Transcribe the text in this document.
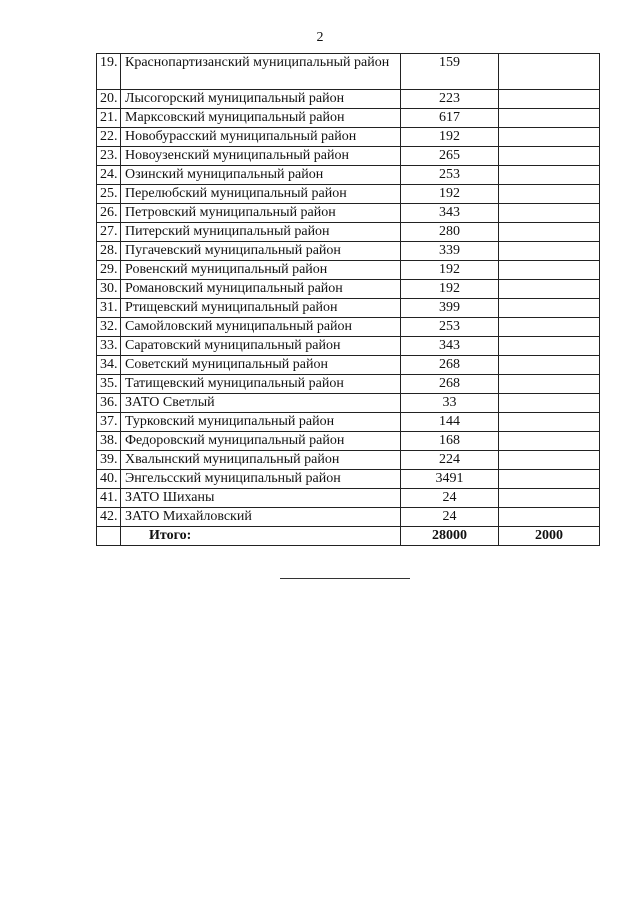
2
19.	Краснопартизанский муниципальный район	159	
20.	Лысогорский муниципальный район	223	
21.	Марксовский муниципальный район	617	
22.	Новобурасский муниципальный район	192	
23.	Новоузенский муниципальный район	265	
24.	Озинский муниципальный район	253	
25.	Перелюбский муниципальный район	192	
26.	Петровский муниципальный район	343	
27.	Питерский муниципальный район	280	
28.	Пугачевский муниципальный район	339	
29.	Ровенский муниципальный район	192	
30.	Романовский муниципальный район	192	
31.	Ртищевский муниципальный район	399	
32.	Самойловский муниципальный район	253	
33.	Саратовский муниципальный район	343	
34.	Советский муниципальный район	268	
35.	Татищевский муниципальный район	268	
36.	ЗАТО Светлый	33	
37.	Турковский муниципальный район	144	
38.	Федоровский муниципальный район	168	
39.	Хвалынский муниципальный район	224	
40.	Энгельсский муниципальный район	3491	
41.	ЗАТО Шиханы	24	
42.	ЗАТО Михайловский	24	
	Итого:	28000	2000
